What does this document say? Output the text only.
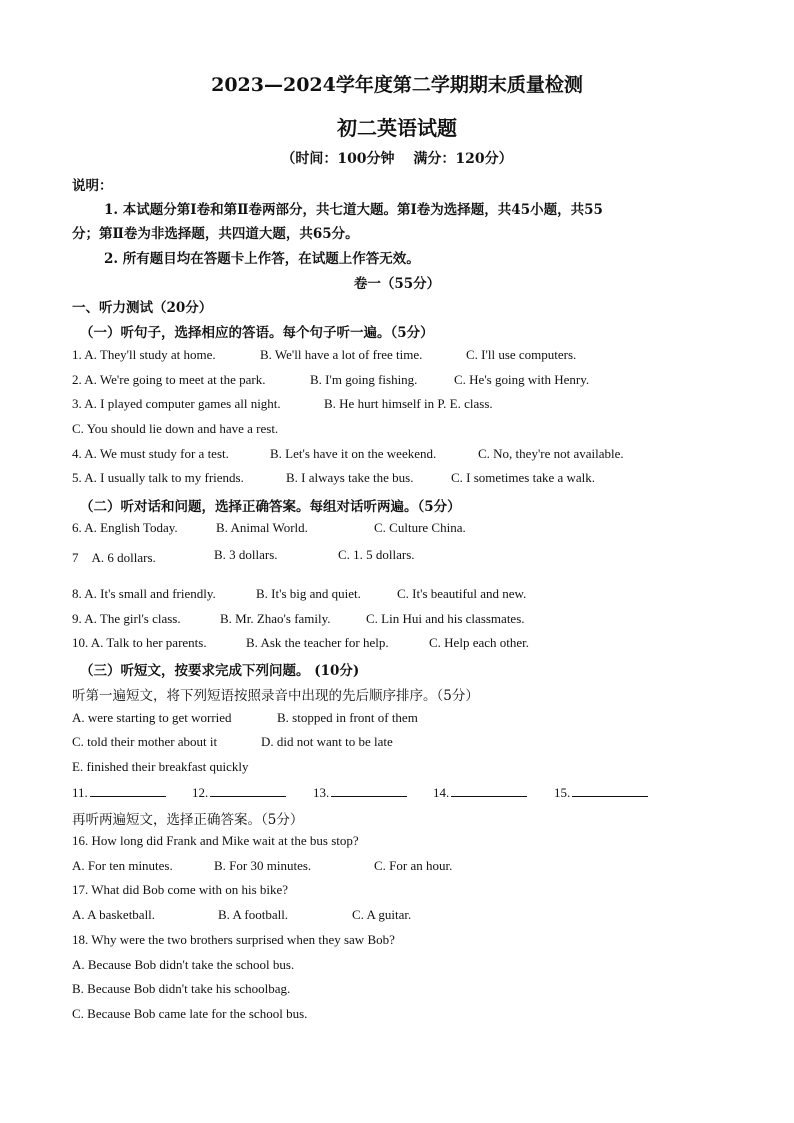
2023—2024学年度第二学期期末质量检测
初二英语试题
（时间：100分钟　 满分：120分）
说明：
1. 本试题分第Ⅰ卷和第Ⅱ卷两部分，共七道大题。第Ⅰ卷为选择题，共45小题，共55
分；第Ⅱ卷为非选择题，共四道大题，共65分。
2. 所有题目均在答题卡上作答，在试题上作答无效。
卷一（55分）
一、听力测试（20分）
（一）听句子，选择相应的答语。每个句子听一遍。（5分）
1. A. They'll study at home.	B. We'll have a lot of free time.	C. I'll use computers.
2. A. We're going to meet at the park.	B. I'm going fishing.	C. He's going with Henry.
3. A. I played computer games all night.	B. He hurt himself in P. E. class.
C. You should lie down and have a rest.
4. A. We must study for a test.	B. Let's have it on the weekend.	C. No, they're not available.
5. A. I usually talk to my friends.	B. I always take the bus.	C. I sometimes take a walk.
（二）听对话和问题，选择正确答案。每组对话听两遍。（5分）
6. A. English Today.	B. Animal World.	C. Culture China.
7　A. 6 dollars.	B. 3 dollars.	C. 1. 5 dollars.
8. A. It's small and friendly.	B. It's big and quiet.	C. It's beautiful and new.
9. A. The girl's class.	B. Mr. Zhao's family.	C. Lin Hui and his classmates.
10. A. Talk to her parents.	B. Ask the teacher for help.	C. Help each other.
（三）听短文，按要求完成下列问题。 (10分)
听第一遍短文，将下列短语按照录音中出现的先后顺序排序。（5分）
A. were starting to get worried	B. stopped in front of them
C. told their mother about it	D. did not want to be late
E. finished their breakfast quickly
11.	12.	13.	14.	15.
再听两遍短文，选择正确答案。（5分）
16. How long did Frank and Mike wait at the bus stop?
A. For ten minutes.	B. For 30 minutes.	C. For an hour.
17. What did Bob come with on his bike?
A. A basketball.	B. A football.	C. A guitar.
18. Why were the two brothers surprised when they saw Bob?
A. Because Bob didn't take the school bus.
B. Because Bob didn't take his schoolbag.
C. Because Bob came late for the school bus.
